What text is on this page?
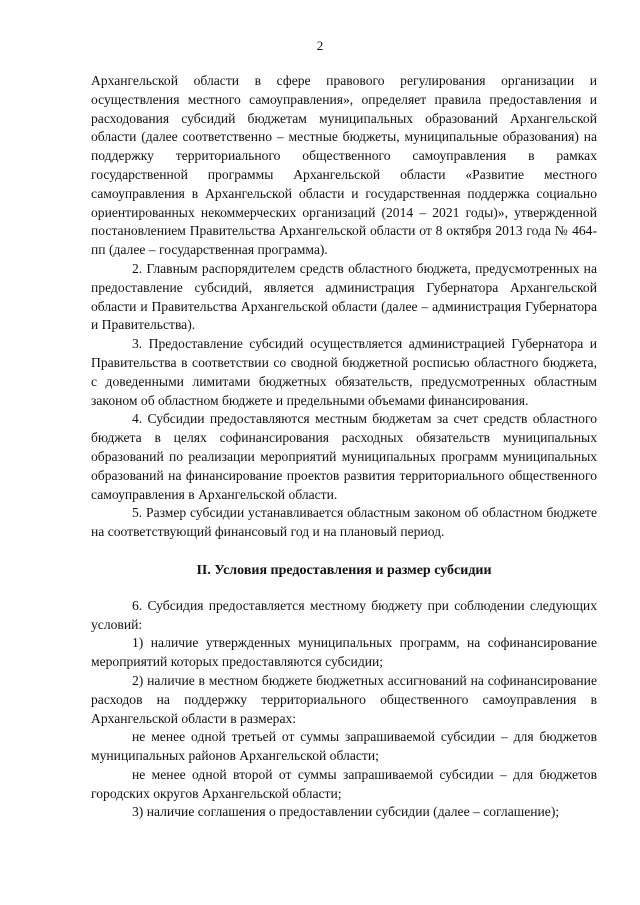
2

Архангельской области в сфере правового регулирования организации и осуществления местного самоуправления», определяет правила предоставления и расходования субсидий бюджетам муниципальных образований Архангельской области (далее соответственно – местные бюджеты, муниципальные образования) на поддержку территориального общественного самоуправления в рамках государственной программы Архангельской области «Развитие местного самоуправления в Архангельской области и государственная поддержка социально ориентированных некоммерческих организаций (2014 – 2021 годы)», утвержденной постановлением Правительства Архангельской области от 8 октября 2013 года № 464-пп (далее – государственная программа).

2. Главным распорядителем средств областного бюджета, предусмотренных на предоставление субсидий, является администрация Губернатора Архангельской области и Правительства Архангельской области (далее – администрация Губернатора и Правительства).

3. Предоставление субсидий осуществляется администрацией Губернатора и Правительства в соответствии со сводной бюджетной росписью областного бюджета, с доведенными лимитами бюджетных обязательств, предусмотренных областным законом об областном бюджете и предельными объемами финансирования.

4. Субсидии предоставляются местным бюджетам за счет средств областного бюджета в целях софинансирования расходных обязательств муниципальных образований по реализации мероприятий муниципальных программ муниципальных образований на финансирование проектов развития территориального общественного самоуправления в Архангельской области.

5. Размер субсидии устанавливается областным законом об областном бюджете на соответствующий финансовый год и на плановый период.

II. Условия предоставления и размер субсидии

6. Субсидия предоставляется местному бюджету при соблюдении следующих условий:

1) наличие утвержденных муниципальных программ, на софинансирование мероприятий которых предоставляются субсидии;

2) наличие в местном бюджете бюджетных ассигнований на софинансирование расходов на поддержку территориального общественного самоуправления в Архангельской области в размерах:

не менее одной третьей от суммы запрашиваемой субсидии – для бюджетов муниципальных районов Архангельской области;

не менее одной второй от суммы запрашиваемой субсидии – для бюджетов городских округов Архангельской области;

3) наличие соглашения о предоставлении субсидии (далее – соглашение);
